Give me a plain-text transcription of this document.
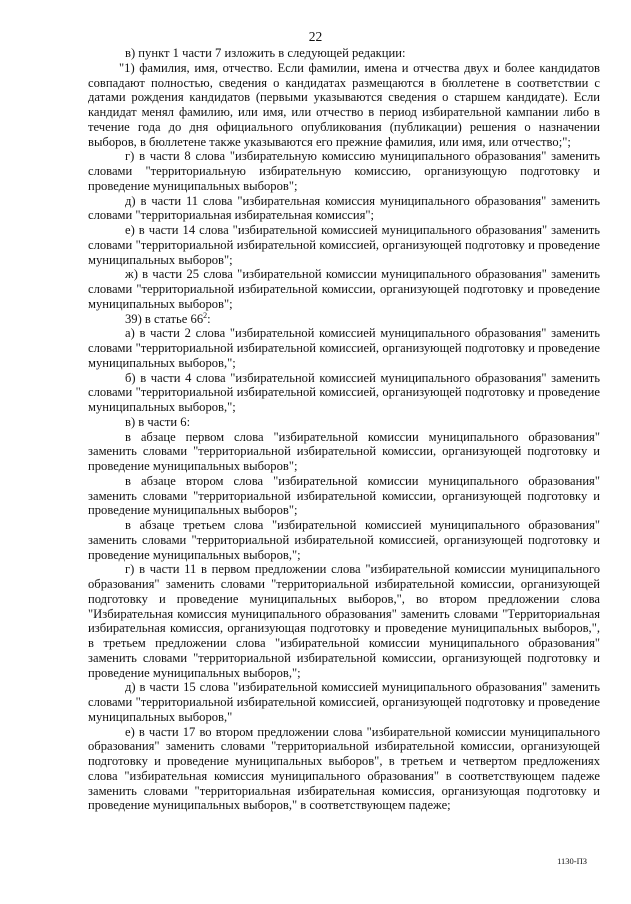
22

в) пункт 1 части 7 изложить в следующей редакции:

"1) фамилия, имя, отчество. Если фамилии, имена и отчества двух и более кандидатов совпадают полностью, сведения о кандидатах размещаются в бюллетене в соответствии с датами рождения кандидатов (первыми указываются сведения о старшем кандидате). Если кандидат менял фамилию, или имя, или отчество в период избирательной кампании либо в течение года до дня официального опубликования (публикации) решения о назначении выборов, в бюллетене также указываются его прежние фамилия, или имя, или отчество;";

г) в части 8 слова "избирательную комиссию муниципального образования" заменить словами "территориальную избирательную комиссию, организующую подготовку и проведение муниципальных выборов";

д) в части 11 слова "избирательная комиссия муниципального образования" заменить словами "территориальная избирательная комиссия";

е) в части 14 слова "избирательной комиссией муниципального образования" заменить словами "территориальной избирательной комиссией, организующей подготовку и проведение муниципальных выборов";

ж) в части 25 слова "избирательной комиссии муниципального образования" заменить словами "территориальной избирательной комиссии, организующей подготовку и проведение муниципальных выборов";

39) в статье $66^2$:

а) в части 2 слова "избирательной комиссией муниципального образования" заменить словами "территориальной избирательной комиссией, организующей подготовку и проведение муниципальных выборов,";

б) в части 4 слова "избирательной комиссией муниципального образования" заменить словами "территориальной избирательной комиссией, организующей подготовку и проведение муниципальных выборов,";

в) в части 6:

в абзаце первом слова "избирательной комиссии муниципального образования" заменить словами "территориальной избирательной комиссии, организующей подготовку и проведение муниципальных выборов";

в абзаце втором слова "избирательной комиссии муниципального образования" заменить словами "территориальной избирательной комиссии, организующей подготовку и проведение муниципальных выборов";

в абзаце третьем слова "избирательной комиссией муниципального образования" заменить словами "территориальной избирательной комиссией, организующей подготовку и проведение муниципальных выборов,";

г) в части 11 в первом предложении слова "избирательной комиссии муниципального образования" заменить словами "территориальной избирательной комиссии, организующей подготовку и проведение муниципальных выборов,", во втором предложении слова "Избирательная комиссия муниципального образования" заменить словами "Территориальная избирательная комиссия, организующая подготовку и проведение муниципальных выборов,", в третьем предложении слова "избирательной комиссии муниципального образования" заменить словами "территориальной избирательной комиссии, организующей подготовку и проведение муниципальных выборов,";

д) в части 15 слова "избирательной комиссией муниципального образования" заменить словами "территориальной избирательной комиссией, организующей подготовку и проведение муниципальных выборов,"

е) в части 17 во втором предложении слова "избирательной комиссии муниципального образования" заменить словами "территориальной избирательной комиссии, организующей подготовку и проведение муниципальных выборов", в третьем и четвертом предложениях слова "избирательная комиссия муниципального образования" в соответствующем падеже заменить словами "территориальная избирательная комиссия, организующая подготовку и проведение муниципальных выборов," в соответствующем падеже;

1130-ПЗ
